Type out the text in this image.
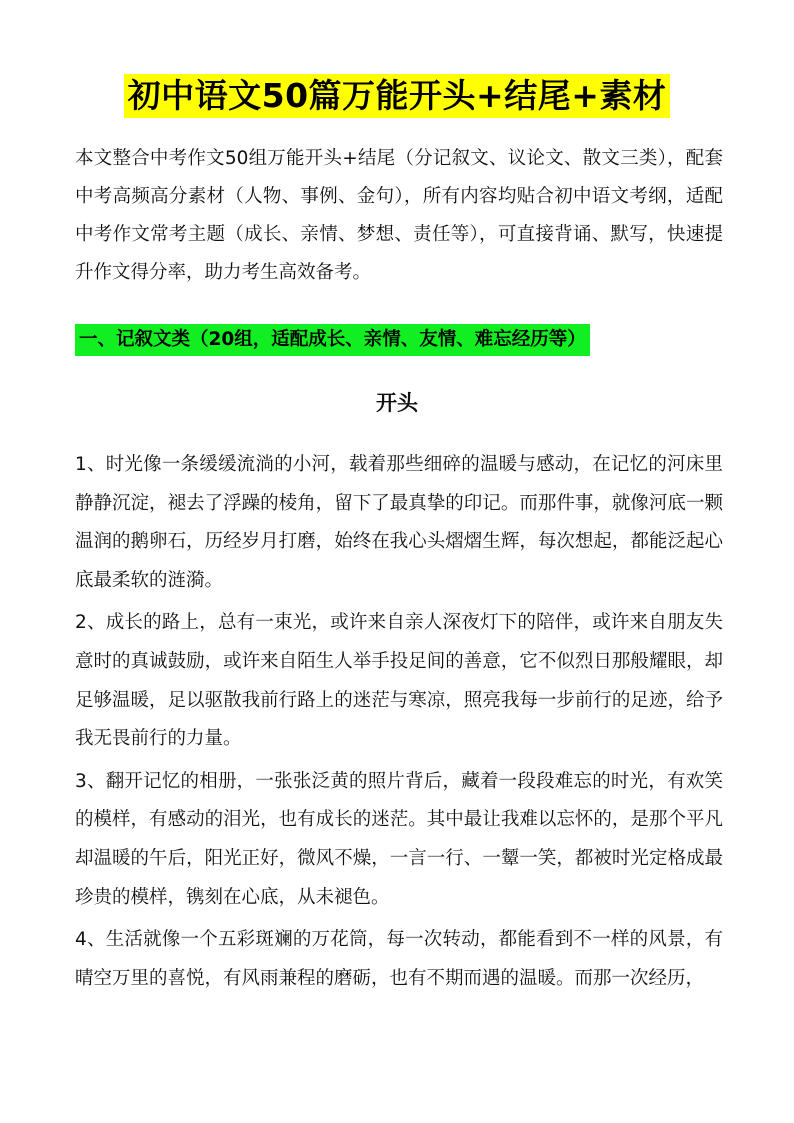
初中语文50篇万能开头+结尾+素材

本文整合中考作文50组万能开头+结尾（分记叙文、议论文、散文三类），配套中考高频高分素材（人物、事例、金句），所有内容均贴合初中语文考纲，适配中考作文常考主题（成长、亲情、梦想、责任等），可直接背诵、默写，快速提升作文得分率，助力考生高效备考。

一、记叙文类（20组，适配成长、亲情、友情、难忘经历等）
开头

1、时光像一条缓缓流淌的小河，载着那些细碎的温暖与感动，在记忆的河床里静静沉淀，褪去了浮躁的棱角，留下了最真挚的印记。而那件事，就像河底一颗温润的鹅卵石，历经岁月打磨，始终在我心头熠熠生辉，每次想起，都能泛起心底最柔软的涟漪。

2、成长的路上，总有一束光，或许来自亲人深夜灯下的陪伴，或许来自朋友失意时的真诚鼓励，或许来自陌生人举手投足间的善意，它不似烈日那般耀眼，却足够温暖，足以驱散我前行路上的迷茫与寒凉，照亮我每一步前行的足迹，给予我无畏前行的力量。

3、翻开记忆的相册，一张张泛黄的照片背后，藏着一段段难忘的时光，有欢笑的模样，有感动的泪光，也有成长的迷茫。其中最让我难以忘怀的，是那个平凡却温暖的午后，阳光正好，微风不燥，一言一行、一颦一笑，都被时光定格成最珍贵的模样，镌刻在心底，从未褪色。

4、生活就像一个五彩斑斓的万花筒，每一次转动，都能看到不一样的风景，有晴空万里的喜悦，有风雨兼程的磨砺，也有不期而遇的温暖。而那一次经历，
